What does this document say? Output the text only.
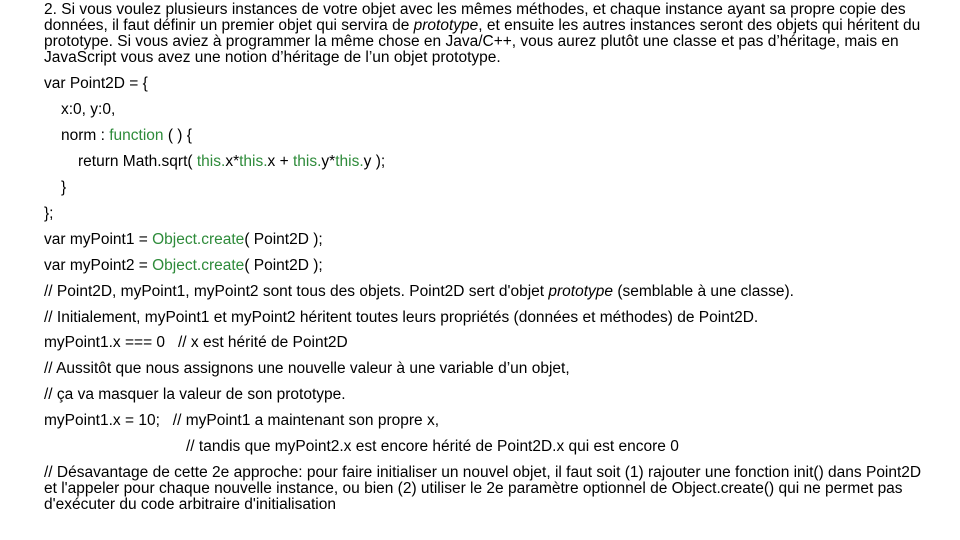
2. Si vous voulez plusieurs instances de votre objet avec les mêmes méthodes, et chaque instance ayant sa propre copie des données, il faut définir un premier objet qui servira de prototype, et ensuite les autres instances seront des objets qui héritent du prototype. Si vous aviez à programmer la même chose en Java/C++, vous aurez plutôt une classe et pas d’héritage, mais en JavaScript vous avez une notion d’héritage de l’un objet prototype.

var Point2D = {
x:0, y:0,
norm : function ( ) {
return Math.sqrt( this.x*this.x + this.y*this.y );
}
};
var myPoint1 = Object.create( Point2D );
var myPoint2 = Object.create( Point2D );
// Point2D, myPoint1, myPoint2 sont tous des objets. Point2D sert d'objet prototype (semblable à une classe).
// Initialement, myPoint1 et myPoint2 héritent toutes leurs propriétés (données et méthodes) de Point2D.
myPoint1.x === 0   // x est hérité de Point2D
// Aussitôt que nous assignons une nouvelle valeur à une variable d’un objet,
// ça va masquer la valeur de son prototype.
myPoint1.x = 10;   // myPoint1 a maintenant son propre x,
// tandis que myPoint2.x est encore hérité de Point2D.x qui est encore 0

// Désavantage de cette 2e approche: pour faire initialiser un nouvel objet, il faut soit (1) rajouter une fonction init() dans Point2D et l'appeler pour chaque nouvelle instance, ou bien (2) utiliser le 2e paramètre optionnel de Object.create() qui ne permet pas d'exécuter du code arbitraire d'initialisation
